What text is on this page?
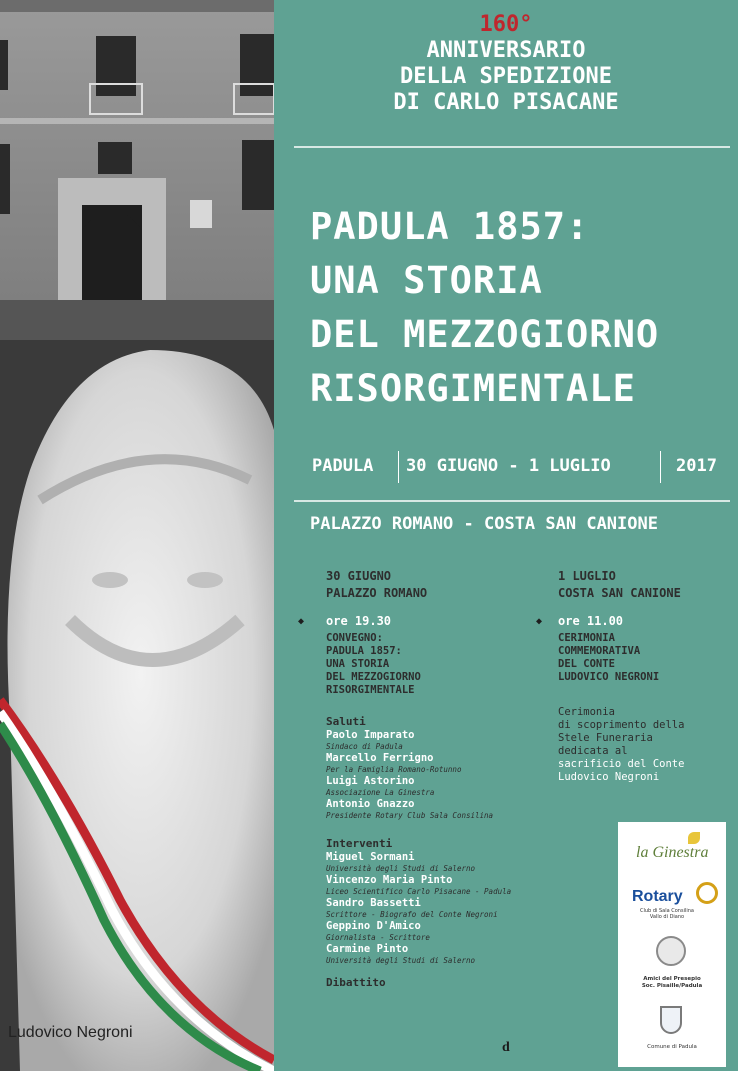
Ludovico Negroni
160°
ANNIVERSARIO
DELLA SPEDIZIONE
DI CARLO PISACANE
PADULA 1857:
UNA STORIA
DEL MEZZOGIORNO
RISORGIMENTALE
PADULA 30 GIUGNO - 1 LUGLIO	2017
PALAZZO ROMANO - COSTA SAN CANIONE
30 GIUGNO
PALAZZO ROMANO
◆ ore 19.30
CONVEGNO:
PADULA 1857:
UNA STORIA
DEL MEZZOGIORNO
RISORGIMENTALE
Saluti
Paolo Imparato
Sindaco di Padula
Marcello Ferrigno
Per la Famiglia Romano-Rotunno
Luigi Astorino
Associazione La Ginestra
Antonio Gnazzo
Presidente Rotary Club Sala Consilina
Interventi
Miguel Sormani
Università degli Studi di Salerno
Vincenzo Maria Pinto
Liceo Scientifico Carlo Pisacane - Padula
Sandro Bassetti
Scrittore - Biografo del Conte Negroni
Geppino D'Amico
Giornalista - Scrittore
Carmine Pinto
Università degli Studi di Salerno
Dibattito
1 LUGLIO
COSTA SAN CANIONE
◆ ore 11.00
CERIMONIA
COMMEMORATIVA
DEL CONTE
LUDOVICO NEGRONI
Cerimonia
di scoprimento della
Stele Funeraria
dedicata al
sacrificio del Conte
Ludovico Negroni
d
la Ginestra
Rotary
Club di Sala Consilina
Vallo di Diano
Amici del Presepio
Soc. Pisaille/Padula
Comune di Padula
